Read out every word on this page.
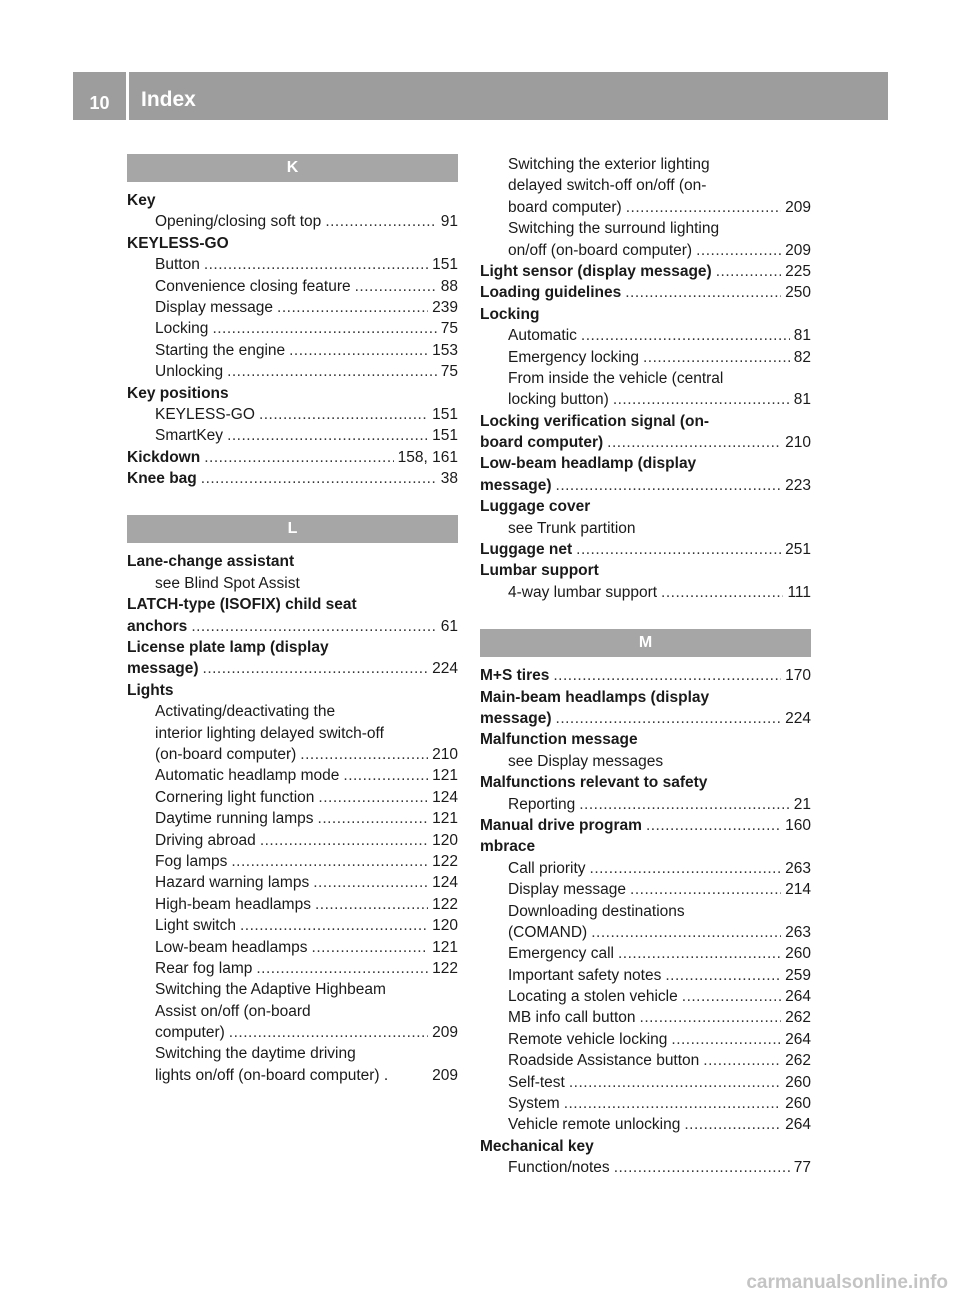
10	Index
K
Key
Opening/closing soft top .....	91
KEYLESS-GO
Button .....	151
Convenience closing feature .....	88
Display message .....	239
Locking .....	75
Starting the engine .....	153
Unlocking .....	75
Key positions
KEYLESS-GO .....	151
SmartKey .....	151
Kickdown .....	158, 161
Knee bag .....	38
L
Lane-change assistant
see Blind Spot Assist
LATCH-type (ISOFIX) child seat
anchors .....	61
License plate lamp (display
message) .....	224
Lights
Activating/deactivating the
interior lighting delayed switch-off
(on-board computer) .....	210
Automatic headlamp mode .....	121
Cornering light function .....	124
Daytime running lamps .....	121
Driving abroad .....	120
Fog lamps .....	122
Hazard warning lamps .....	124
High-beam headlamps .....	122
Light switch .....	120
Low-beam headlamps .....	121
Rear fog lamp .....	122
Switching the Adaptive Highbeam
Assist on/off (on-board
computer) .....	209
Switching the daytime driving
lights on/off (on-board computer) .	209
Switching the exterior lighting
delayed switch-off on/off (on-
board computer) .....	209
Switching the surround lighting
on/off (on-board computer) .....	209
Light sensor (display message) .....	225
Loading guidelines .....	250
Locking
Automatic .....	81
Emergency locking .....	82
From inside the vehicle (central
locking button) .....	81
Locking verification signal (on-
board computer) .....	210
Low-beam headlamp (display
message) .....	223
Luggage cover
see Trunk partition
Luggage net .....	251
Lumbar support
4-way lumbar support .....	111
M
M+S tires .....	170
Main-beam headlamps (display
message) .....	224
Malfunction message
see Display messages
Malfunctions relevant to safety
Reporting .....	21
Manual drive program .....	160
mbrace
Call priority .....	263
Display message .....	214
Downloading destinations
(COMAND) .....	263
Emergency call .....	260
Important safety notes .....	259
Locating a stolen vehicle .....	264
MB info call button .....	262
Remote vehicle locking .....	264
Roadside Assistance button .....	262
Self-test .....	260
System .....	260
Vehicle remote unlocking .....	264
Mechanical key
Function/notes .....	77
carmanualsonline.info
